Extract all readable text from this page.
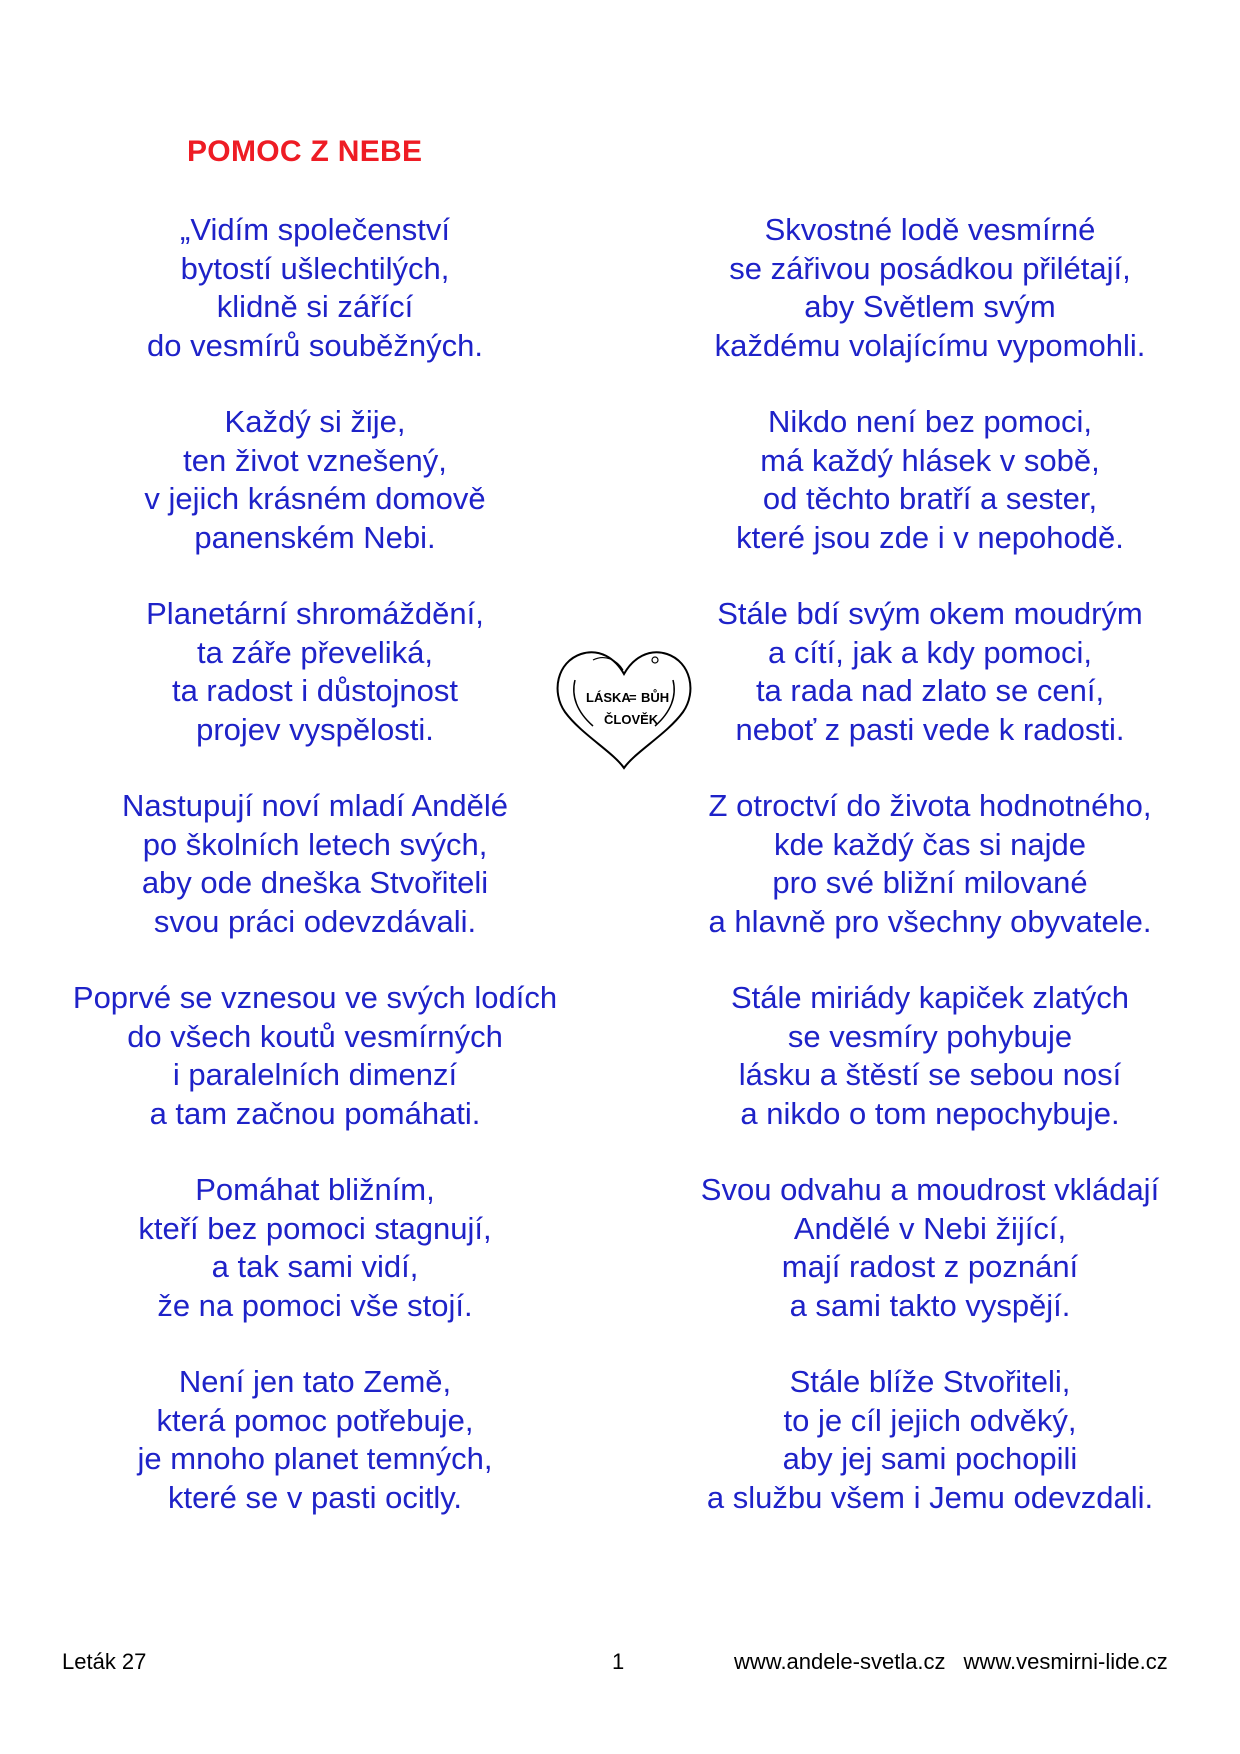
POMOC Z NEBE
„Vidím společenství
bytostí ušlechtilých,
klidně si zářící
do vesmírů souběžných.
Každý si žije,
ten život vznešený,
v jejich krásném domově
panenském Nebi.
Planetární shromáždění,
ta záře převeliká,
ta radost i důstojnost
projev vyspělosti.
Nastupují noví mladí Andělé
po školních letech svých,
aby ode dneška Stvořiteli
svou práci odevzdávali.
Poprvé se vznesou ve svých lodích
do všech koutů vesmírných
i paralelních dimenzí
a tam začnou pomáhati.
Pomáhat bližním,
kteří bez pomoci stagnují,
a tak sami vidí,
že na pomoci vše stojí.
Není jen tato Země,
která pomoc potřebuje,
je mnoho planet temných,
které se v pasti ocitly.
Skvostné lodě vesmírné
se zářivou posádkou přilétají,
aby Světlem svým
každému volajícímu vypomohli.
Nikdo není bez pomoci,
má každý hlásek v sobě,
od těchto bratří a sester,
které jsou zde i v nepohodě.
Stále bdí svým okem moudrým
a cítí, jak a kdy pomoci,
ta rada nad zlato se cení,
neboť z pasti vede k radosti.
Z otroctví do života hodnotného,
kde každý čas si najde
pro své bližní milované
a hlavně pro všechny obyvatele.
Stále miriády kapiček zlatých
se vesmíry pohybuje
lásku a štěstí se sebou nosí
a nikdo o tom nepochybuje.
Svou odvahu a moudrost vkládají
Andělé v Nebi žijící,
mají radost z poznání
a sami takto vyspějí.
Stále blíže Stvořiteli,
to je cíl jejich odvěký,
aby jej sami pochopili
a službu všem i Jemu odevzdali.
LÁSKA
= BŮH
ČLOVĚK
Leták 27	1	www.andele-svetla.cz www.vesmirni-lide.cz
